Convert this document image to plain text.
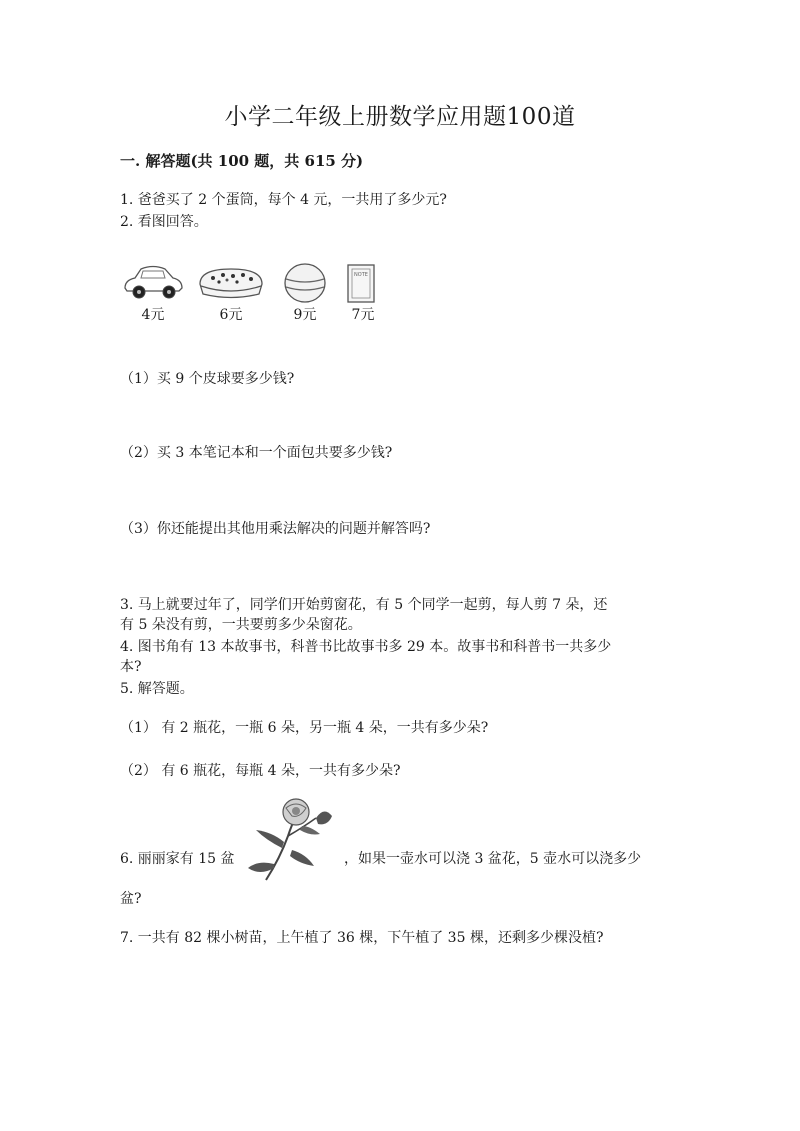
小学二年级上册数学应用题100道
一. 解答题(共 100 题，共 615 分)
1. 爸爸买了 2 个蛋筒，每个 4 元，一共用了多少元?
2. 看图回答。
NOTE
4元	6元	9元	7元
（1）买 9 个皮球要多少钱?
（2）买 3 本笔记本和一个面包共要多少钱?
（3）你还能提出其他用乘法解决的问题并解答吗?
3. 马上就要过年了，同学们开始剪窗花，有 5 个同学一起剪，每人剪 7 朵，还
有 5 朵没有剪，一共要剪多少朵窗花。
4. 图书角有 13 本故事书，科普书比故事书多 29 本。故事书和科普书一共多少
本?
5. 解答题。
（1） 有 2 瓶花，一瓶 6 朵，另一瓶 4 朵，一共有多少朵?
（2） 有 6 瓶花，每瓶 4 朵，一共有多少朵?
6. 丽丽家有 15 盆	，如果一壶水可以浇 3 盆花，5 壶水可以浇多少
盆?
7. 一共有 82 棵小树苗，上午植了 36 棵，下午植了 35 棵，还剩多少棵没植?
